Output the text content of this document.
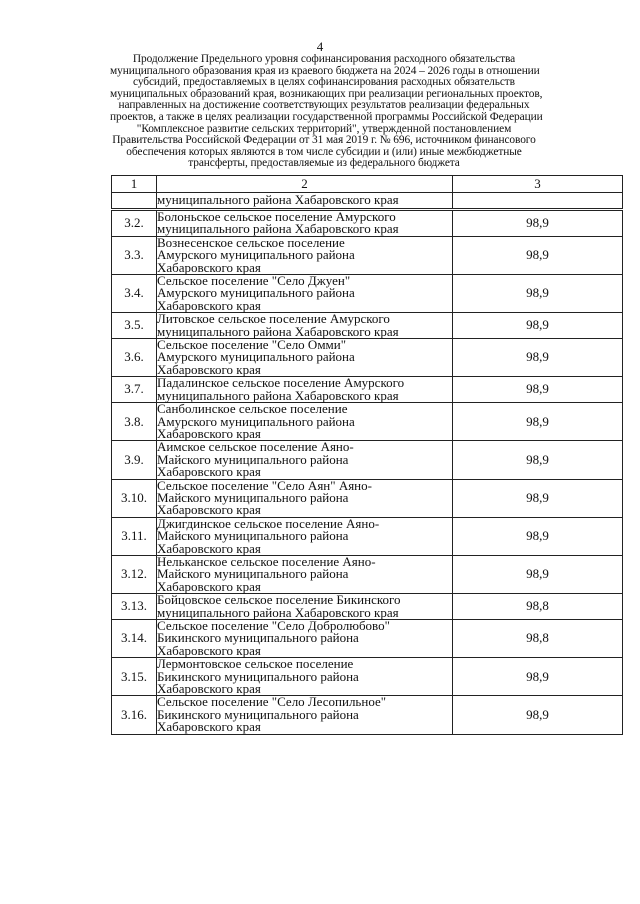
4
Продолжение Предельного уровня софинансирования расходного обязательства
муниципального образования края из краевого бюджета на 2024 – 2026 годы в отношении
субсидий, предоставляемых в целях софинансирования расходных обязательств
муниципальных образований края, возникающих при реализации региональных проектов,
направленных на достижение соответствующих результатов реализации федеральных
проектов, а также в целях реализации государственной программы Российской Федерации
"Комплексное развитие сельских территорий", утвержденной постановлением
Правительства Российской Федерации от 31 мая 2019 г. № 696, источником финансового
обеспечения которых являются в том числе субсидии и (или) иные межбюджетные
трансферты, предоставляемые из федерального бюджета
1	2	3

	муниципального района Хабаровского края	

3.2.	Болоньское сельское поселение Амурского
муниципального района Хабаровского края	98,9
3.3.	Вознесенское сельское поселение
Амурского муниципального района
Хабаровского края	98,9
3.4.	Сельское поселение "Село Джуен"
Амурского муниципального района
Хабаровского края	98,9
3.5.	Литовское сельское поселение Амурского
муниципального района Хабаровского края	98,9
3.6.	Сельское поселение "Село Омми"
Амурского муниципального района
Хабаровского края	98,9
3.7.	Падалинское сельское поселение Амурского
муниципального района Хабаровского края	98,9
3.8.	Санболинское сельское поселение
Амурского муниципального района
Хабаровского края	98,9
3.9.	Аимское сельское поселение Аяно-
Майского муниципального района
Хабаровского края	98,9
3.10.	Сельское поселение "Село Аян" Аяно-
Майского муниципального района
Хабаровского края	98,9
3.11.	Джигдинское сельское поселение Аяно-
Майского муниципального района
Хабаровского края	98,9
3.12.	Нельканское сельское поселение Аяно-
Майского муниципального района
Хабаровского края	98,9
3.13.	Бойцовское сельское поселение Бикинского
муниципального района Хабаровского края	98,8
3.14.	Сельское поселение "Село Добролюбово"
Бикинского муниципального района
Хабаровского края	98,8
3.15.	Лермонтовское сельское поселение
Бикинского муниципального района
Хабаровского края	98,9
3.16.	Сельское поселение "Село Лесопильное"
Бикинского муниципального района
Хабаровского края	98,9
